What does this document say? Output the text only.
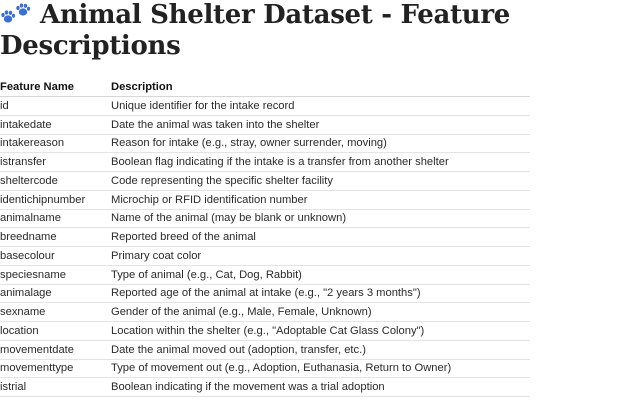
Animal Shelter Dataset - Feature Descriptions
Feature Name	Description
id	Unique identifier for the intake record
intakedate	Date the animal was taken into the shelter
intakereason	Reason for intake (e.g., stray, owner surrender, moving)
istransfer	Boolean flag indicating if the intake is a transfer from another shelter
sheltercode	Code representing the specific shelter facility
identichipnumber	Microchip or RFID identification number
animalname	Name of the animal (may be blank or unknown)
breedname	Reported breed of the animal
basecolour	Primary coat color
speciesname	Type of animal (e.g., Cat, Dog, Rabbit)
animalage	Reported age of the animal at intake (e.g., "2 years 3 months")
sexname	Gender of the animal (e.g., Male, Female, Unknown)
location	Location within the shelter (e.g., "Adoptable Cat Glass Colony")
movementdate	Date the animal moved out (adoption, transfer, etc.)
movementtype	Type of movement out (e.g., Adoption, Euthanasia, Return to Owner)
istrial	Boolean indicating if the movement was a trial adoption
